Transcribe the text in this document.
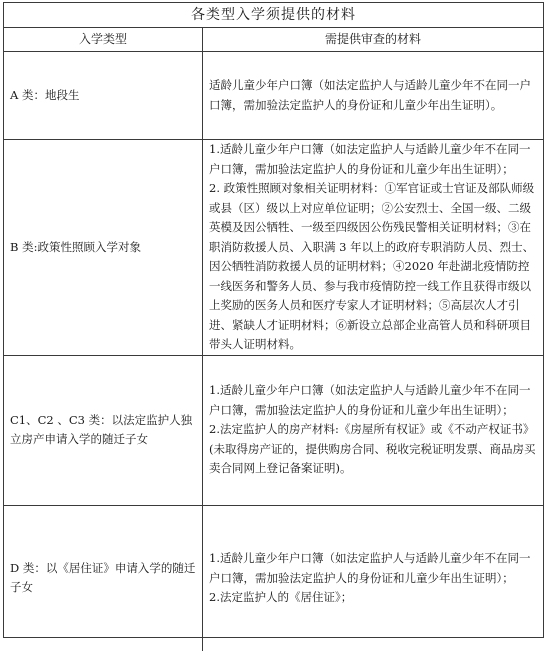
各类型入学须提供的材料
入学类型	需提供审查的材料
A 类：地段生	适龄儿童少年户口簿（如法定监护人与适龄儿童少年不在同一户口簿，需加验法定监护人的身份证和儿童少年出生证明）。

B 类:政策性照顾入学对象	1.适龄儿童少年户口簿（如法定监护人与适龄儿童少年不在同一户口簿，需加验法定监护人的身份证和儿童少年出生证明）；

2. 政策性照顾对象相关证明材料：①军官证或士官证及部队师级或县（区）级以上对应单位证明；②公安烈士、全国一级、二级英模及因公牺牲、一级至四级因公伤残民警相关证明材料；③在职消防救援人员、入职满 3 年以上的政府专职消防人员、烈士、因公牺牲消防救援人员的证明材料；④2020 年赴湖北疫情防控一线医务和警务人员、参与我市疫情防控一线工作且获得市级以上奖励的医务人员和医疗专家人才证明材料；⑤高层次人才引进、紧缺人才证明材料；⑥新设立总部企业高管人员和科研项目带头人证明材料。

C1、C2 、C3 类：以法定监护人独立房产申请入学的随迁子女	1.适龄儿童少年户口簿（如法定监护人与适龄儿童少年不在同一户口簿，需加验法定监护人的身份证和儿童少年出生证明）；

2.法定监护人的房产材料:《房屋所有权证》或《不动产权证书》(未取得房产证的，提供购房合同、税收完税证明发票、商品房买卖合同网上登记备案证明)。

D 类：以《居住证》申请入学的随迁子女	1.适龄儿童少年户口簿（如法定监护人与适龄儿童少年不在同一户口簿，需加验法定监护人的身份证和儿童少年出生证明）；

2.法定监护人的《居住证》；
